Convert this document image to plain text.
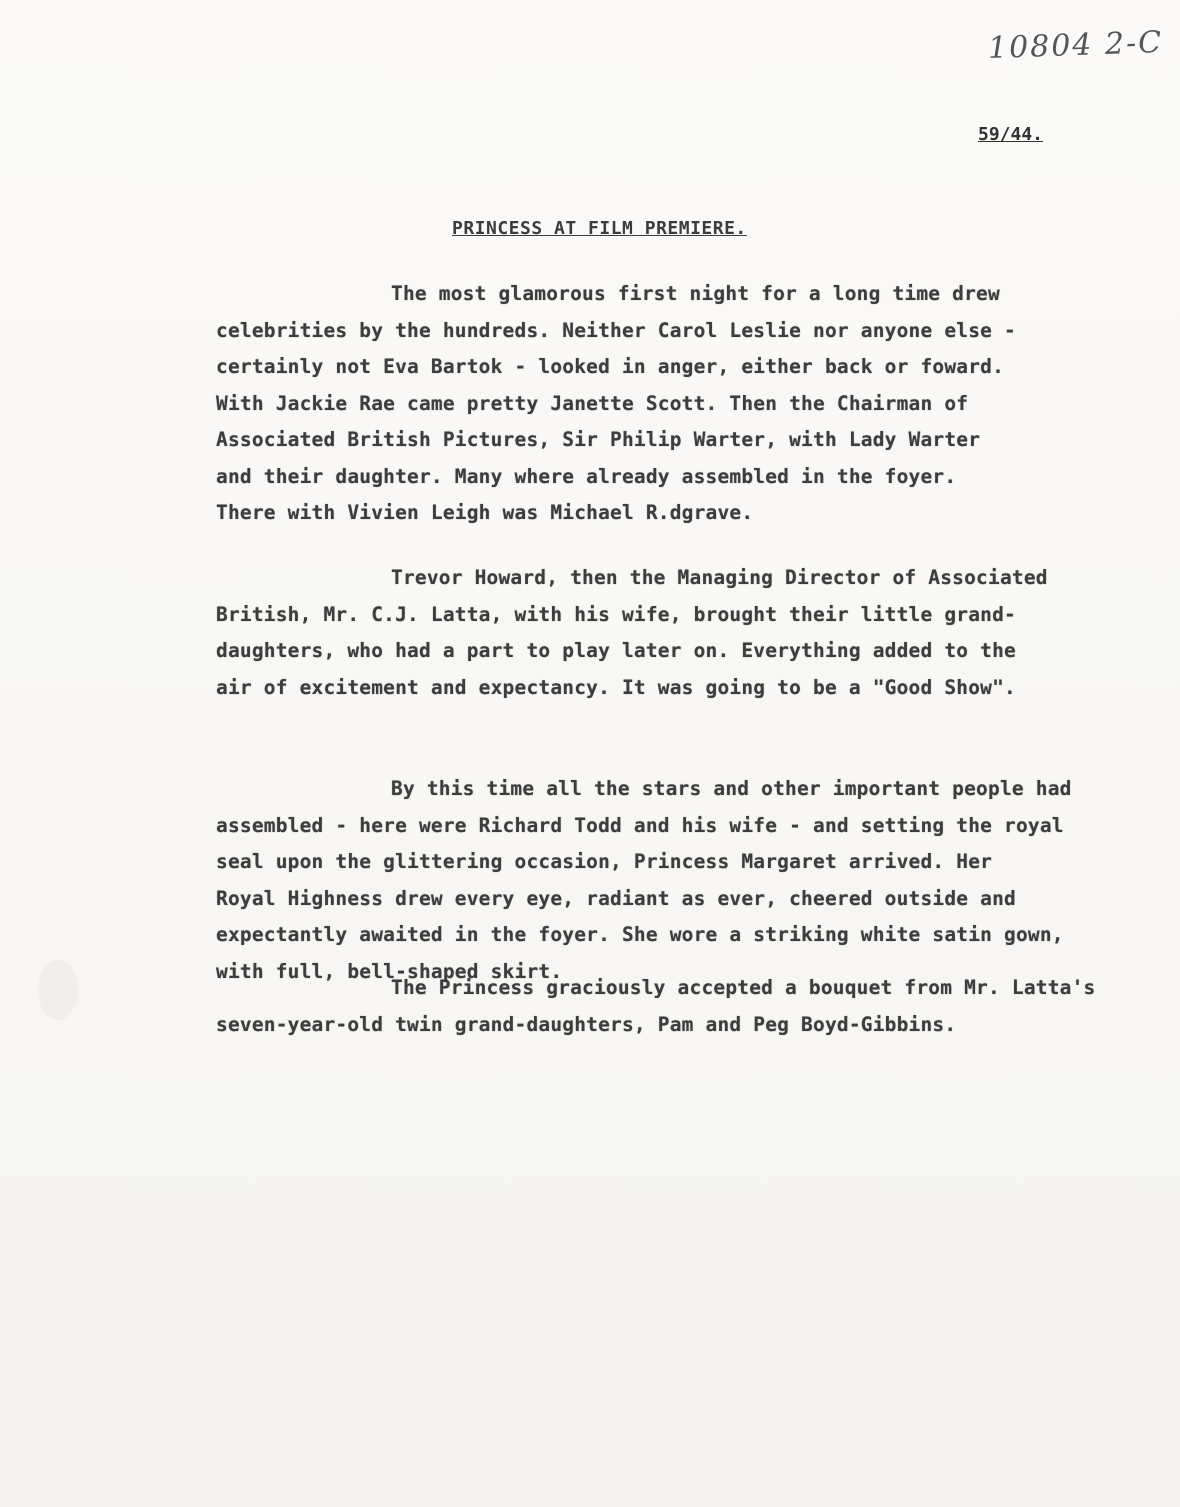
10804 2-C
59/44.
PRINCESS AT FILM PREMIERE.
The most glamorous first night for a long time drew
celebrities by the hundreds. Neither Carol Leslie nor anyone else -
certainly not Eva Bartok - looked in anger, either back or foward.
With Jackie Rae came pretty Janette Scott. Then the Chairman of
Associated British Pictures, Sir Philip Warter, with Lady Warter
and their daughter. Many where already assembled in the foyer.
There with Vivien Leigh was Michael R.dgrave.
Trevor Howard, then the Managing Director of Associated
British, Mr. C.J. Latta, with his wife, brought their little grand-
daughters, who had a part to play later on. Everything added to the
air of excitement and expectancy. It was going to be a "Good Show".
By this time all the stars and other important people had
assembled - here were Richard Todd and his wife - and setting the royal
seal upon the glittering occasion, Princess Margaret arrived. Her
Royal Highness drew every eye, radiant as ever, cheered outside and
expectantly awaited in the foyer. She wore a striking white satin gown,
with full, bell-shaped skirt.
The Princess graciously accepted a bouquet from Mr. Latta's
seven-year-old twin grand-daughters, Pam and Peg Boyd-Gibbins.
